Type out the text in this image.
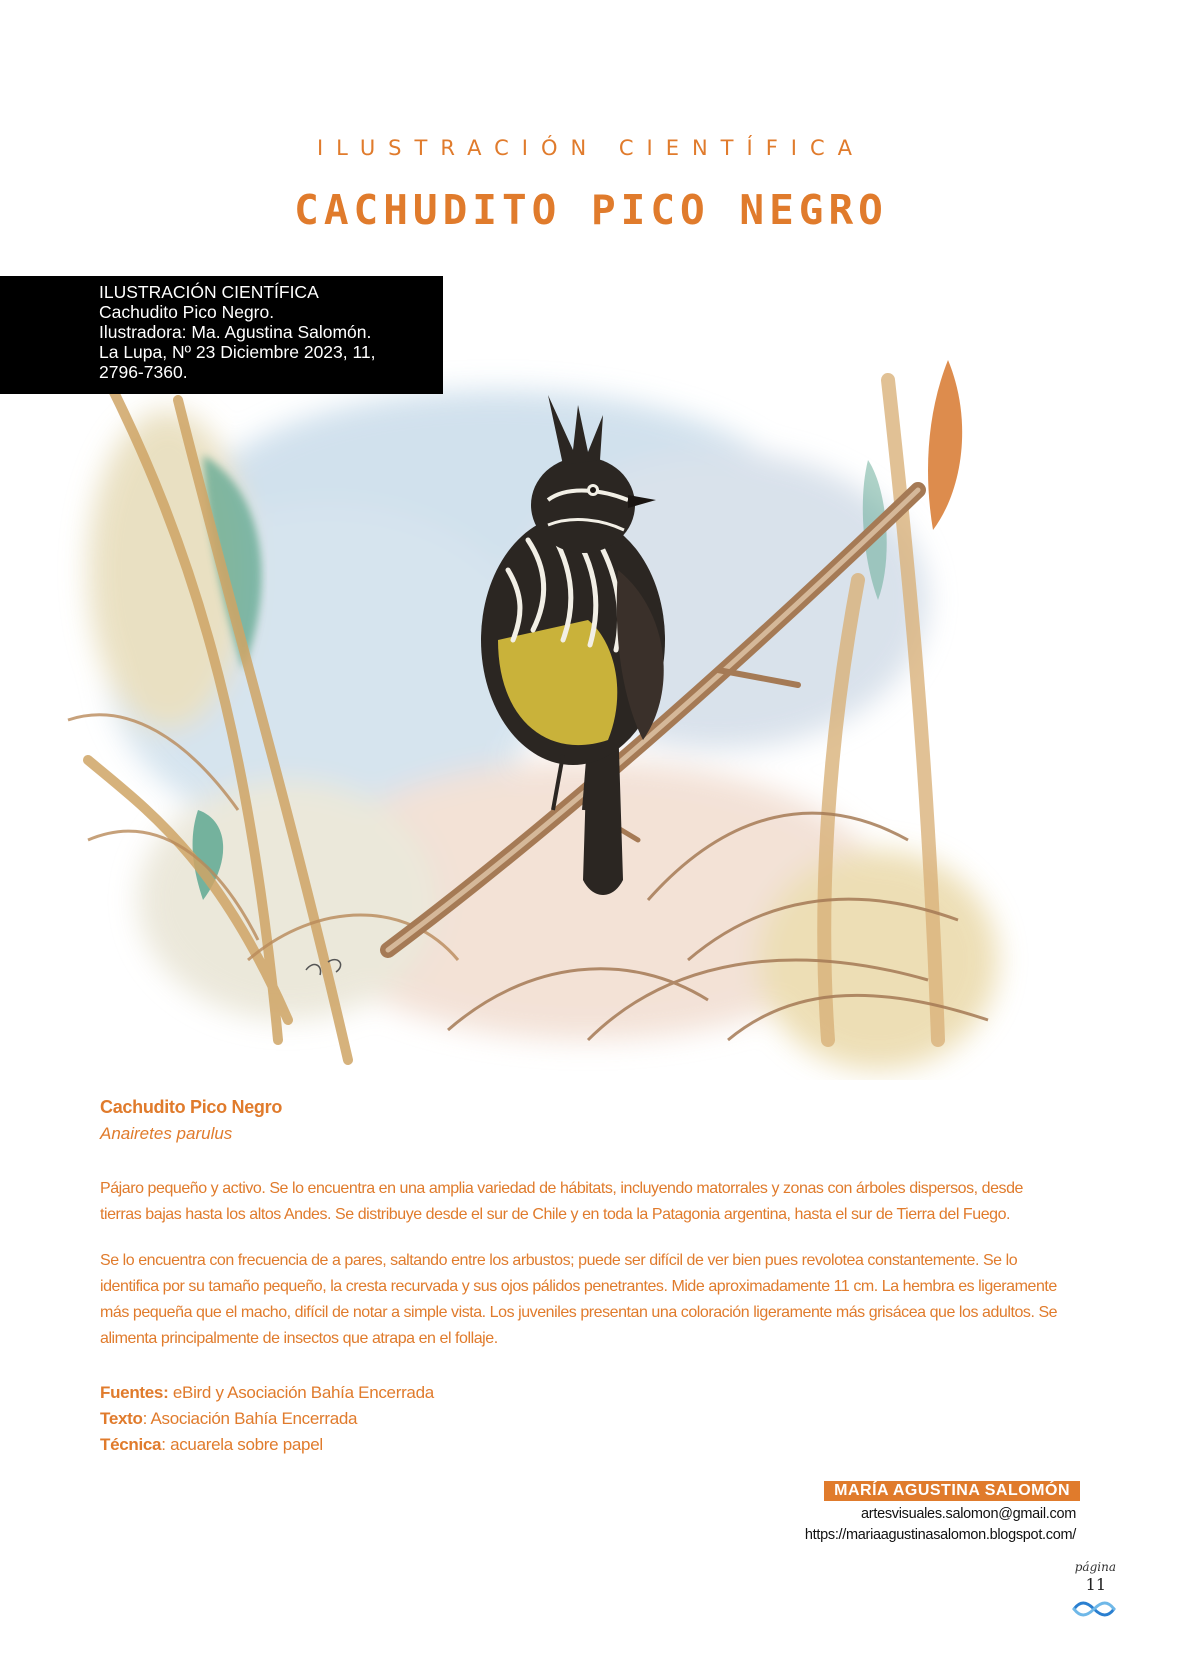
ILUSTRACIÓN CIENTÍFICA
CACHUDITO PICO NEGRO
ILUSTRACIÓN CIENTÍFICA
Cachudito Pico Negro.
Ilustradora: Ma. Agustina Salomón.
La Lupa, Nº 23 Diciembre 2023, 11,
2796-7360.
Cachudito Pico Negro
Anairetes parulus

Pájaro pequeño y activo. Se lo encuentra en una amplia variedad de hábitats, incluyendo matorrales y zonas con árboles dispersos, desde tierras bajas hasta los altos Andes. Se distribuye desde el sur de Chile y en toda la Patagonia argentina, hasta el sur de Tierra del Fuego.

Se lo encuentra con frecuencia de a pares, saltando entre los arbustos; puede ser difícil de ver bien pues revolotea constantemente. Se lo identifica por su tamaño pequeño, la cresta recurvada y sus ojos pálidos penetrantes. Mide aproximadamente 11 cm. La hembra es ligeramente más pequeña que el macho, difícil de notar a simple vista. Los juveniles presentan una coloración ligeramente más grisácea que los adultos. Se alimenta principalmente de insectos que atrapa en el follaje.

Fuentes: eBird y Asociación Bahía Encerrada
Texto: Asociación Bahía Encerrada
Técnica: acuarela sobre papel
MARÍA AGUSTINA SALOMÓN
artesvisuales.salomon@gmail.com
https://mariaagustinasalomon.blogspot.com/
página
11
